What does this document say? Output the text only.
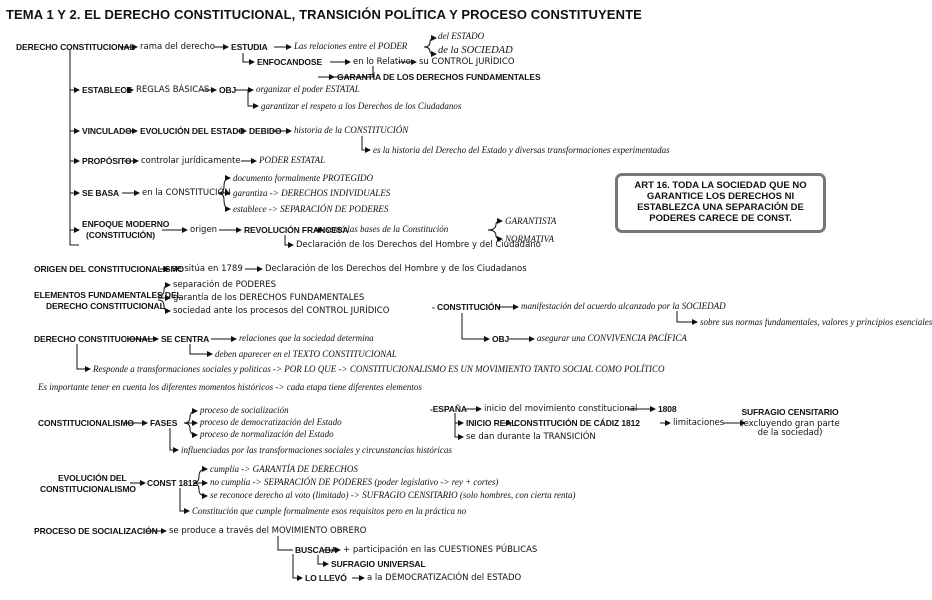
TEMA 1 Y 2. EL DERECHO CONSTITUCIONAL, TRANSICIÓN POLÍTICA Y PROCESO CONSTITUYENTE
DERECHO CONSTITUCIONAL rama del derecho ESTUDIA	Las relaciones entre el PODER
del ESTADO
de la SOCIEDAD
ENFOCANDOSE	en lo Relativo su CONTROL JURÍDICO
GARANTÍA DE LOS DERECHOS FUNDAMENTALES
ESTABLECE REGLAS BÁSICAS OBJ organizar el poder ESTATAL
garantizar el respeto a los Derechos de los Ciudadanos
VINCULADO EVOLUCIÓN DEL ESTADO DEBIDO historia de la CONSTITUCIÓN
es la historia del Derecho del Estado y diversas transformaciones experimentadas
PROPÓSITO controlar jurídicamente PODER ESTATAL
SE BASA	en la CONSTITUCIÓN
documento formalmente PROTEGIDO
garantiza -> DERECHOS INDIVIDUALES
establece -> SEPARACIÓN DE PODERES
ENFOQUE MODERNO
(CONSTITUCIÓN)	origen	REVOLUCIÓN FRANCESA
sentó las bases de la Constitución
GARANTISTA
NORMATIVA
Declaración de los Derechos del Hombre y del Ciudadano
ART 16. TODA LA SOCIEDAD QUE NO GARANTICE LOS DERECHOS NI ESTABLEZCA UNA SEPARACIÓN DE PODERES CARECE DE CONST.
ORIGEN DEL CONSTITUCIONALISMO
se sitúa en 1789	Declaración de los Derechos del Hombre y de los Ciudadanos
ELEMENTOS FUNDAMENTALES DEL
DERECHO CONSTITUCIONAL
separación de PODERES
garantía de los DERECHOS FUNDAMENTALES
sociedad ante los procesos del CONTROL JURÍDICO	- CONSTITUCIÓN manifestación del acuerdo alcanzado por la SOCIEDAD
sobre sus normas fundamentales, valores y principios esenciales
OBJ	asegurar una CONVIVENCIA PACÍFICA
DERECHO CONSTITUCIONAL SE CENTRA	relaciones que la sociedad determina
deben aparecer en el TEXTO CONSTITUCIONAL
Responde a transformaciones sociales y politicas -> POR LO QUE -> CONSTITUCIONALISMO ES UN MOVIMIENTO TANTO SOCIAL COMO POLÍTICO
Es importante tener en cuenta los diferentes momentos históricos -> cada etapa tiene diferentes elementos
CONSTITUCIONALISMO FASES
proceso de socialización
proceso de democratización del Estado
proceso de normalización del Estado
influenciadas por las transformaciones sociales y circunstancias históricas
-ESPAÑA inicio del movimiento constitucional 1808
INICIO REAL
CONSTITUCIÓN DE CÁDIZ 1812	limitaciones
SUFRAGIO CENSITARIO
(excluyendo gran parte de la sociedad)
se dan durante la TRANSICIÓN
EVOLUCIÓN DEL
CONSTITUCIONALISMO
CONST 1812
cumplía -> GARANTÍA DE DERECHOS
no cumplía -> SEPARACIÓN DE PODERES (poder legislativo -> rey + cortes)
se reconoce derecho al voto (limitado) -> SUFRAGIO CENSITARIO (solo hombres, con cierta renta)
Constitución que cumple formalmente esos requisitos pero en la práctica no
PROCESO DE SOCIALIZACIÓN se produce a través del MOVIMIENTO OBRERO
BUSCABA + participación en las CUESTIONES PÚBLICAS
SUFRAGIO UNIVERSAL
LO LLEVÓ a la DEMOCRATIZACIÓN del ESTADO
